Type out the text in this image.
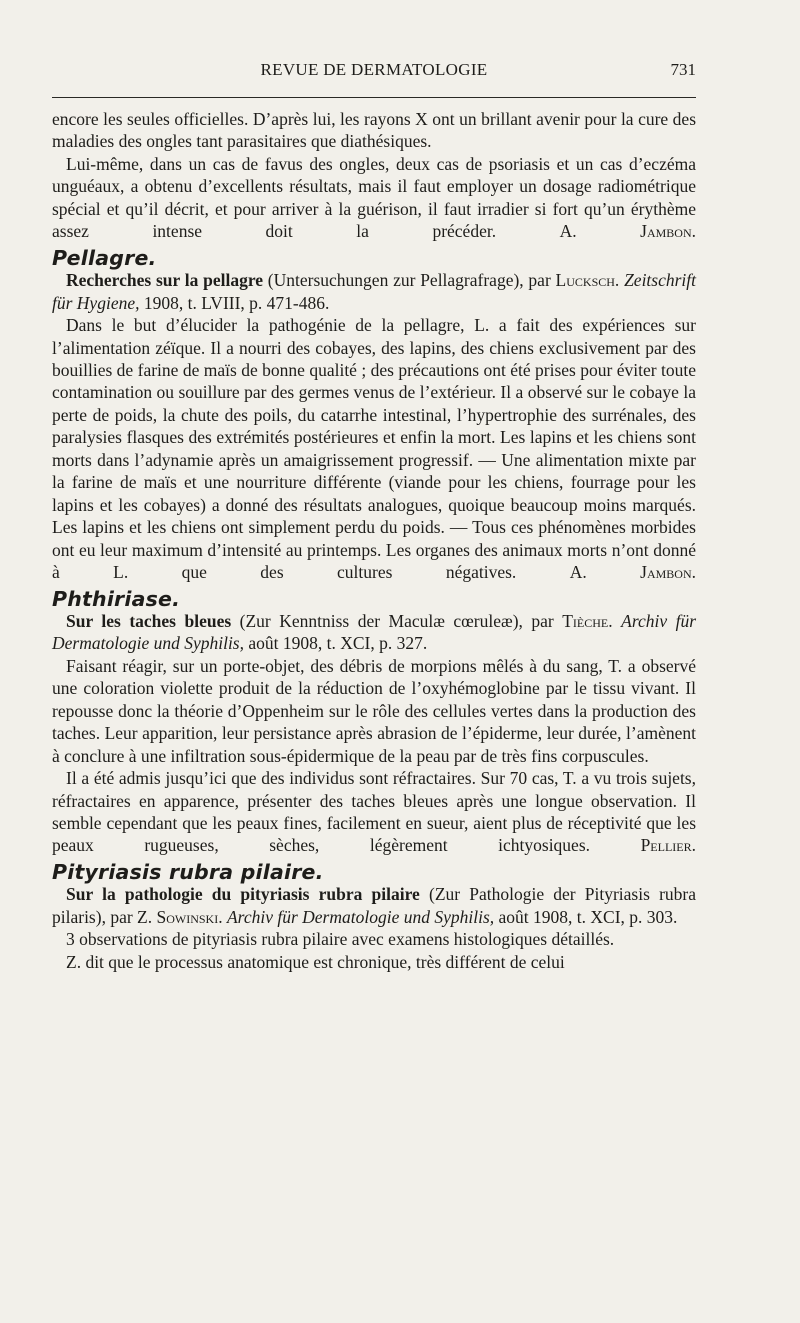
REVUE DE DERMATOLOGIE	731

encore les seules officielles. D’après lui, les rayons X ont un brillant avenir pour la cure des maladies des ongles tant parasitaires que diathésiques.

Lui-même, dans un cas de favus des ongles, deux cas de psoriasis et un cas d’eczéma unguéaux, a obtenu d’excellents résultats, mais il faut employer un dosage radiométrique spécial et qu’il décrit, et pour arriver à la guérison, il faut irradier si fort qu’un érythème assez intense doit la précéder.	A. Jambon.

Pellagre.

Recherches sur la pellagre (Untersuchungen zur Pellagrafrage), par Lucksch. Zeitschrift für Hygiene, 1908, t. LVIII, p. 471-486.

Dans le but d’élucider la pathogénie de la pellagre, L. a fait des expériences sur l’alimentation zéïque. Il a nourri des cobayes, des lapins, des chiens exclusivement par des bouillies de farine de maïs de bonne qualité ; des précautions ont été prises pour éviter toute contamination ou souillure par des germes venus de l’extérieur. Il a observé sur le cobaye la perte de poids, la chute des poils, du catarrhe intestinal, l’hypertrophie des surrénales, des paralysies flasques des extrémités postérieures et enfin la mort. Les lapins et les chiens sont morts dans l’adynamie après un amaigrissement progressif. — Une alimentation mixte par la farine de maïs et une nourriture différente (viande pour les chiens, fourrage pour les lapins et les cobayes) a donné des résultats analogues, quoique beaucoup moins marqués. Les lapins et les chiens ont simplement perdu du poids. — Tous ces phénomènes morbides ont eu leur maximum d’intensité au printemps. Les organes des animaux morts n’ont donné à L. que des cultures négatives.	A. Jambon.

Phthiriase.

Sur les taches bleues (Zur Kenntniss der Maculæ cœruleæ), par Tièche. Archiv für Dermatologie und Syphilis, août 1908, t. XCI, p. 327.

Faisant réagir, sur un porte-objet, des débris de morpions mêlés à du sang, T. a observé une coloration violette produit de la réduction de l’oxyhémoglobine par le tissu vivant. Il repousse donc la théorie d’Oppenheim sur le rôle des cellules vertes dans la production des taches. Leur apparition, leur persistance après abrasion de l’épiderme, leur durée, l’amènent à conclure à une infiltration sous-épidermique de la peau par de très fins corpuscules.

Il a été admis jusqu’ici que des individus sont réfractaires. Sur 70 cas, T. a vu trois sujets, réfractaires en apparence, présenter des taches bleues après une longue observation. Il semble cependant que les peaux fines, facilement en sueur, aient plus de réceptivité que les peaux rugueuses, sèches, légèrement ichtyosiques.	Pellier.

Pityriasis rubra pilaire.

Sur la pathologie du pityriasis rubra pilaire (Zur Pathologie der Pityriasis rubra pilaris), par Z. Sowinski. Archiv für Dermatologie und Syphilis, août 1908, t. XCI, p. 303.

3 observations de pityriasis rubra pilaire avec examens histologiques détaillés.

Z. dit que le processus anatomique est chronique, très différent de celui
